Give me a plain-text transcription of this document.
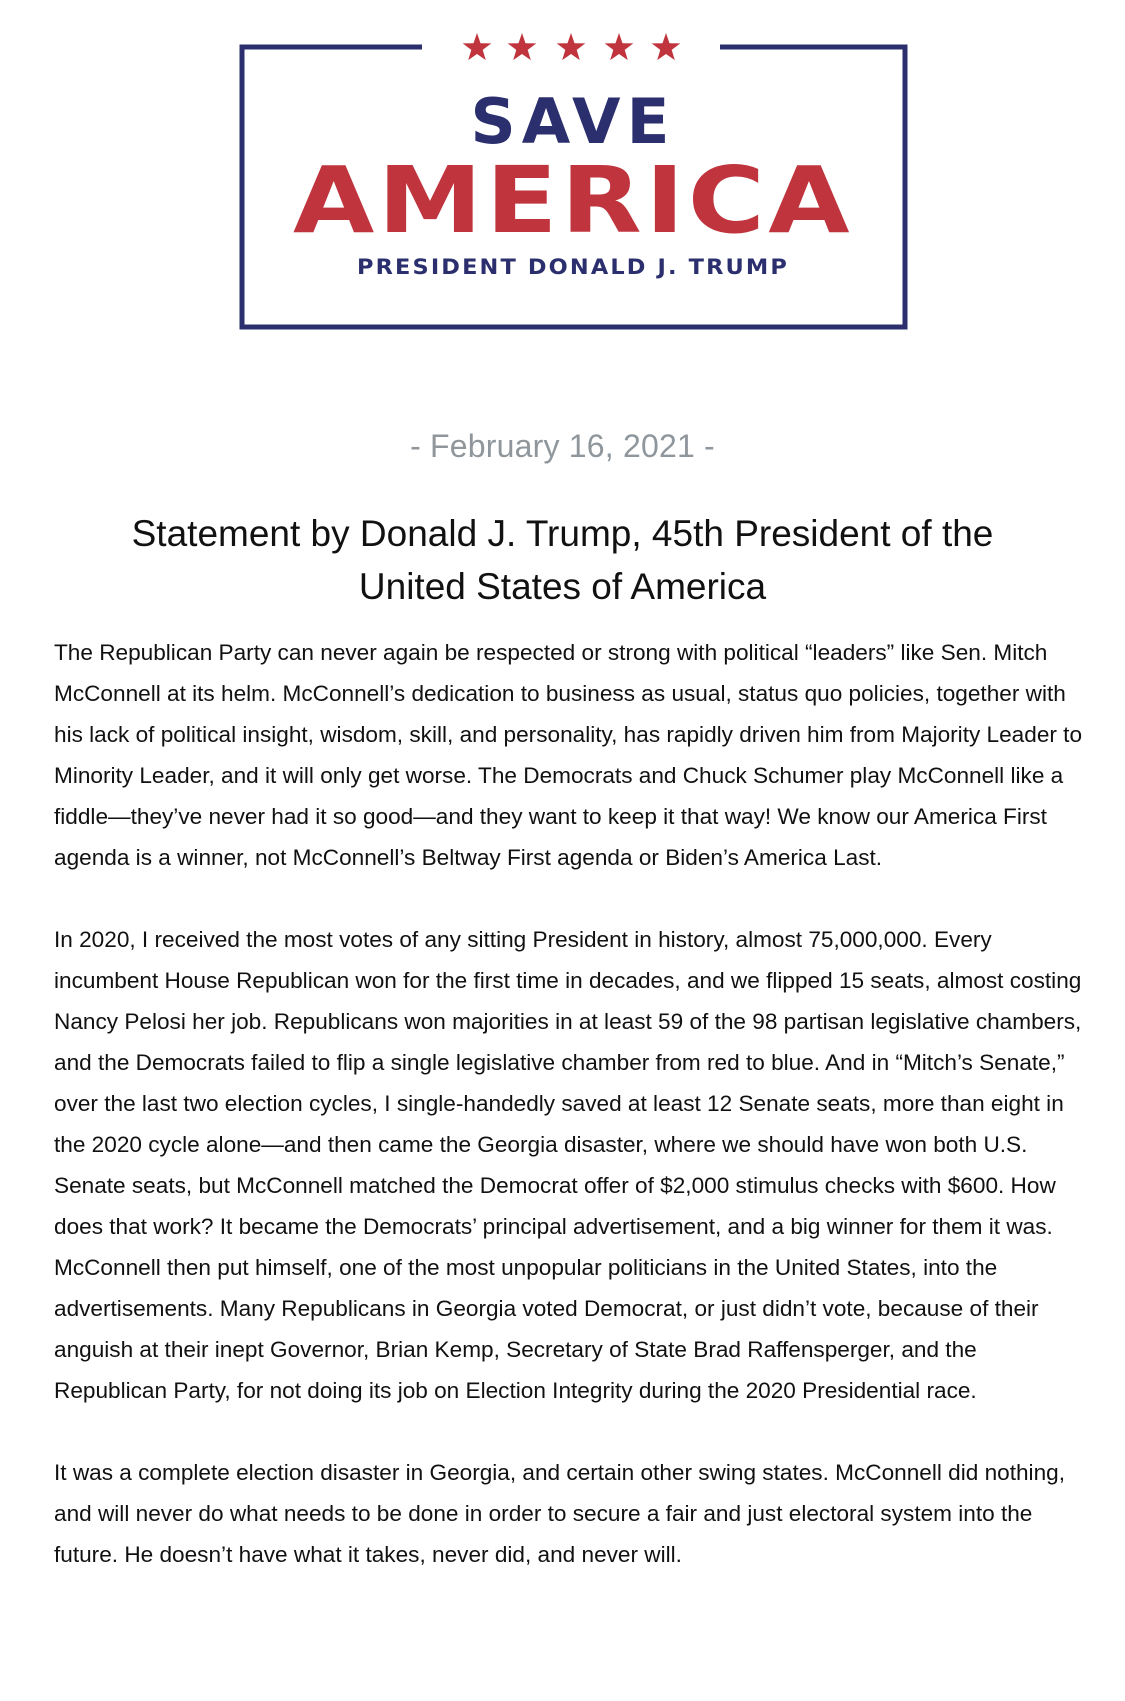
SAVE
AMERICA
PRESIDENT DONALD J. TRUMP
- February 16, 2021 -
Statement by Donald J. Trump, 45th President of the United States of America

The Republican Party can never again be respected or strong with political “leaders” like Sen. Mitch McConnell at its helm. McConnell’s dedication to business as usual, status quo policies, together with his lack of political insight, wisdom, skill, and personality, has rapidly driven him from Majority Leader to Minority Leader, and it will only get worse. The Democrats and Chuck Schumer play McConnell like a fiddle—they’ve never had it so good—and they want to keep it that way! We know our America First agenda is a winner, not McConnell’s Beltway First agenda or Biden’s America Last.

In 2020, I received the most votes of any sitting President in history, almost 75,000,000. Every incumbent House Republican won for the first time in decades, and we flipped 15 seats, almost costing Nancy Pelosi her job. Republicans won majorities in at least 59 of the 98 partisan legislative chambers, and the Democrats failed to flip a single legislative chamber from red to blue. And in “Mitch’s Senate,” over the last two election cycles, I single-handedly saved at least 12 Senate seats, more than eight in the 2020 cycle alone—and then came the Georgia disaster, where we should have won both U.S. Senate seats, but McConnell matched the Democrat offer of $2,000 stimulus checks with $600. How does that work? It became the Democrats’ principal advertisement, and a big winner for them it was. McConnell then put himself, one of the most unpopular politicians in the United States, into the advertisements. Many Republicans in Georgia voted Democrat, or just didn’t vote, because of their anguish at their inept Governor, Brian Kemp, Secretary of State Brad Raffensperger, and the Republican Party, for not doing its job on Election Integrity during the 2020 Presidential race.

It was a complete election disaster in Georgia, and certain other swing states. McConnell did nothing, and will never do what needs to be done in order to secure a fair and just electoral system into the future. He doesn’t have what it takes, never did, and never will.
